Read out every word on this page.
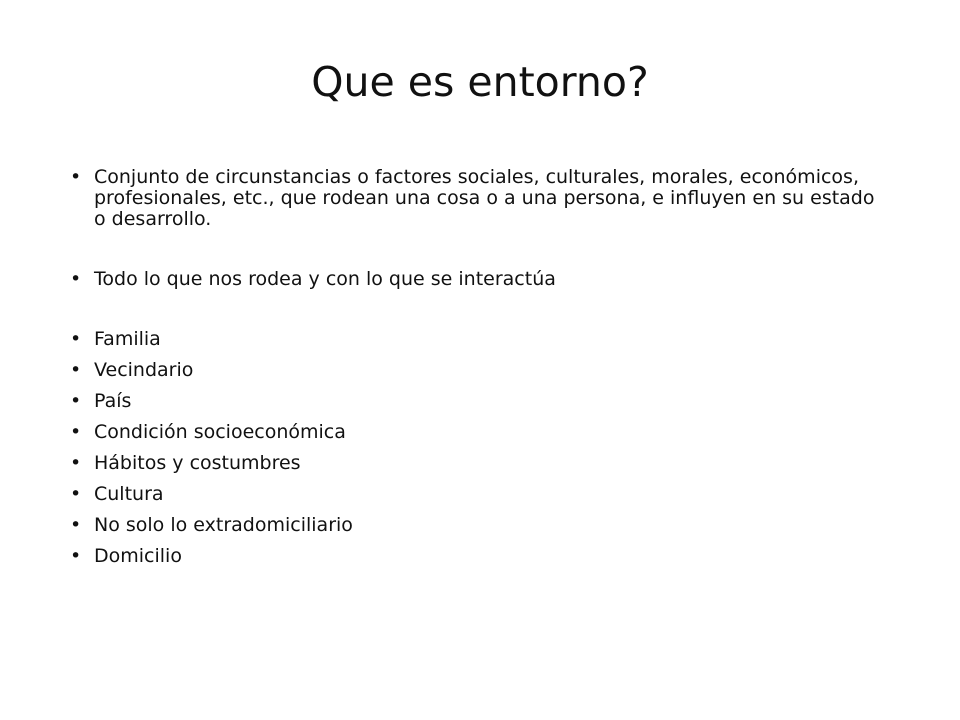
Que es entorno?
• Conjunto de circunstancias o factores sociales, culturales, morales, económicos, profesionales, etc., que rodean una cosa o a una persona, e influyen en su estado o desarrollo.
• Todo lo que nos rodea y con lo que se interactúa
• Familia
• Vecindario
• País
• Condición socioeconómica
• Hábitos y costumbres
• Cultura
• No solo lo extradomiciliario
• Domicilio
